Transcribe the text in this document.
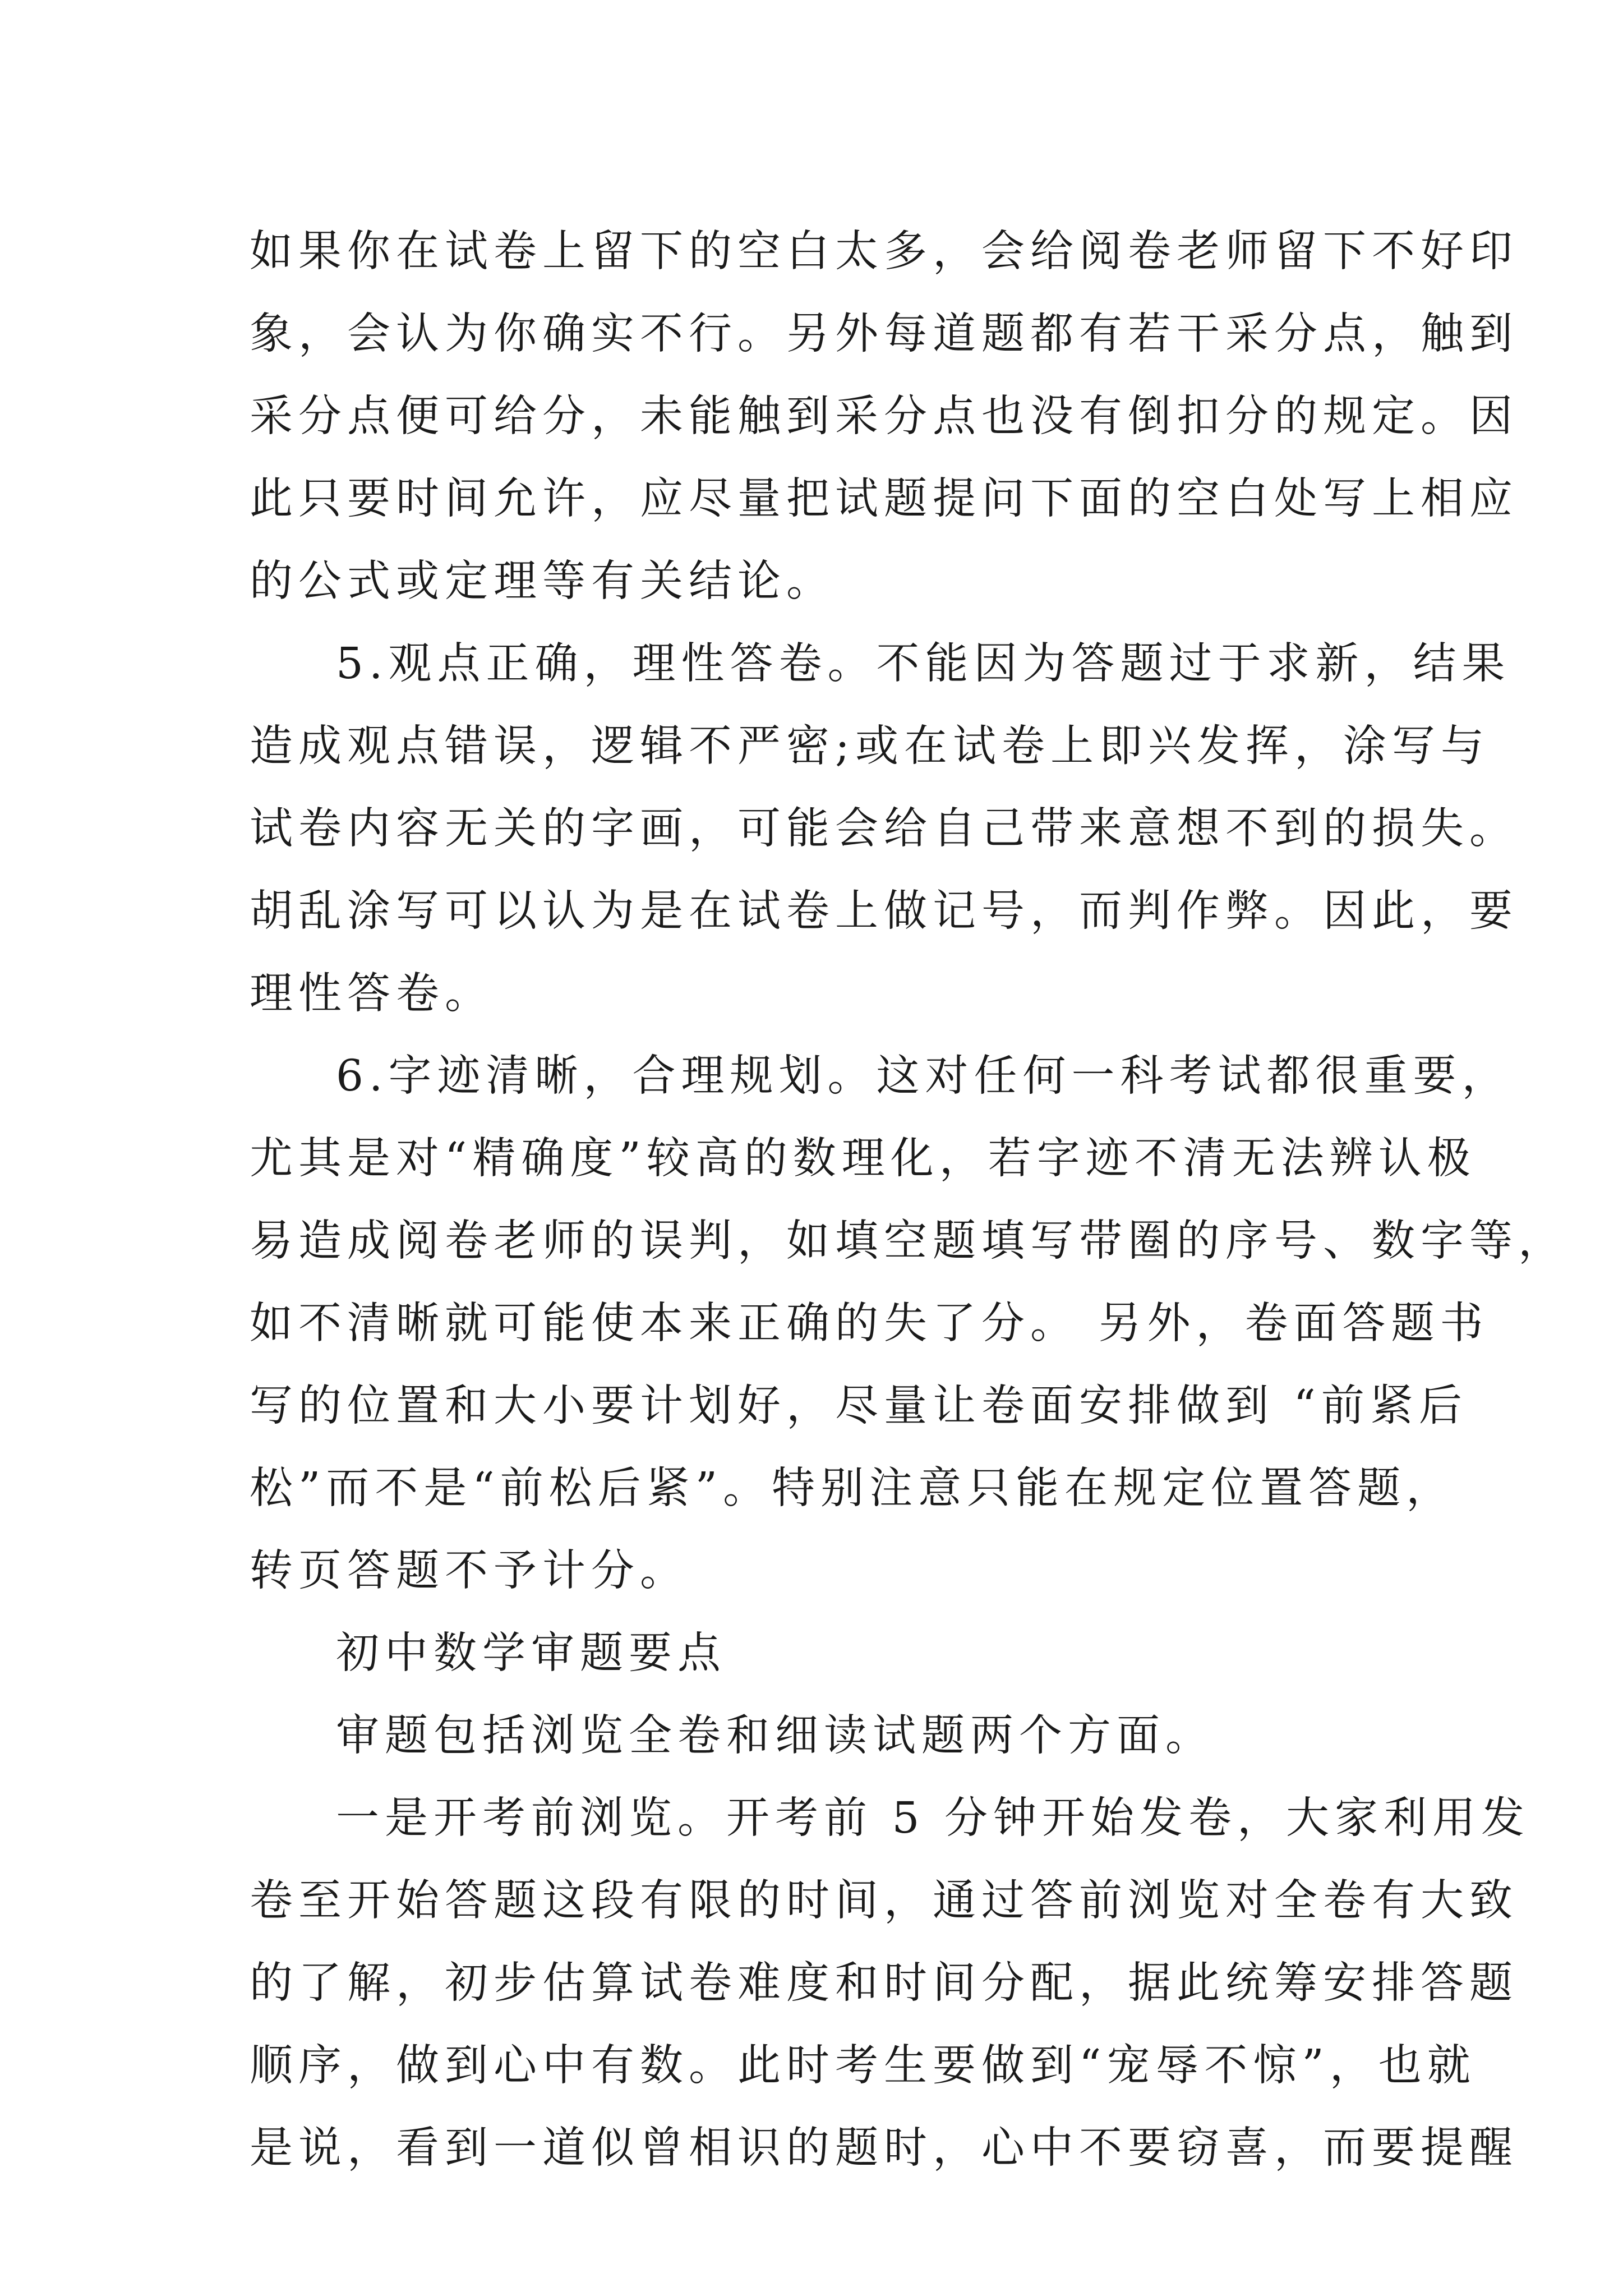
如果你在试卷上留下的空白太多，会给阅卷老师留下不好印
象，会认为你确实不行。另外每道题都有若干采分点，触到
采分点便可给分，未能触到采分点也没有倒扣分的规定。因
此只要时间允许，应尽量把试题提问下面的空白处写上相应
的公式或定理等有关结论。
5.观点正确，理性答卷。不能因为答题过于求新，结果
造成观点错误，逻辑不严密;或在试卷上即兴发挥，涂写与
试卷内容无关的字画，可能会给自己带来意想不到的损失。
胡乱涂写可以认为是在试卷上做记号，而判作弊。因此，要
理性答卷。
6.字迹清晰，合理规划。这对任何一科考试都很重要，
尤其是对“精确度”较高的数理化，若字迹不清无法辨认极
易造成阅卷老师的误判，如填空题填写带圈的序号、数字等，
如不清晰就可能使本来正确的失了分。 另外，卷面答题书
写的位置和大小要计划好，尽量让卷面安排做到 “前紧后
松”而不是“前松后紧”。特别注意只能在规定位置答题，
转页答题不予计分。
初中数学审题要点
审题包括浏览全卷和细读试题两个方面。
一是开考前浏览。开考前 5 分钟开始发卷，大家利用发
卷至开始答题这段有限的时间，通过答前浏览对全卷有大致
的了解，初步估算试卷难度和时间分配，据此统筹安排答题
顺序，做到心中有数。此时考生要做到“宠辱不惊”，也就
是说，看到一道似曾相识的题时，心中不要窃喜，而要提醒
